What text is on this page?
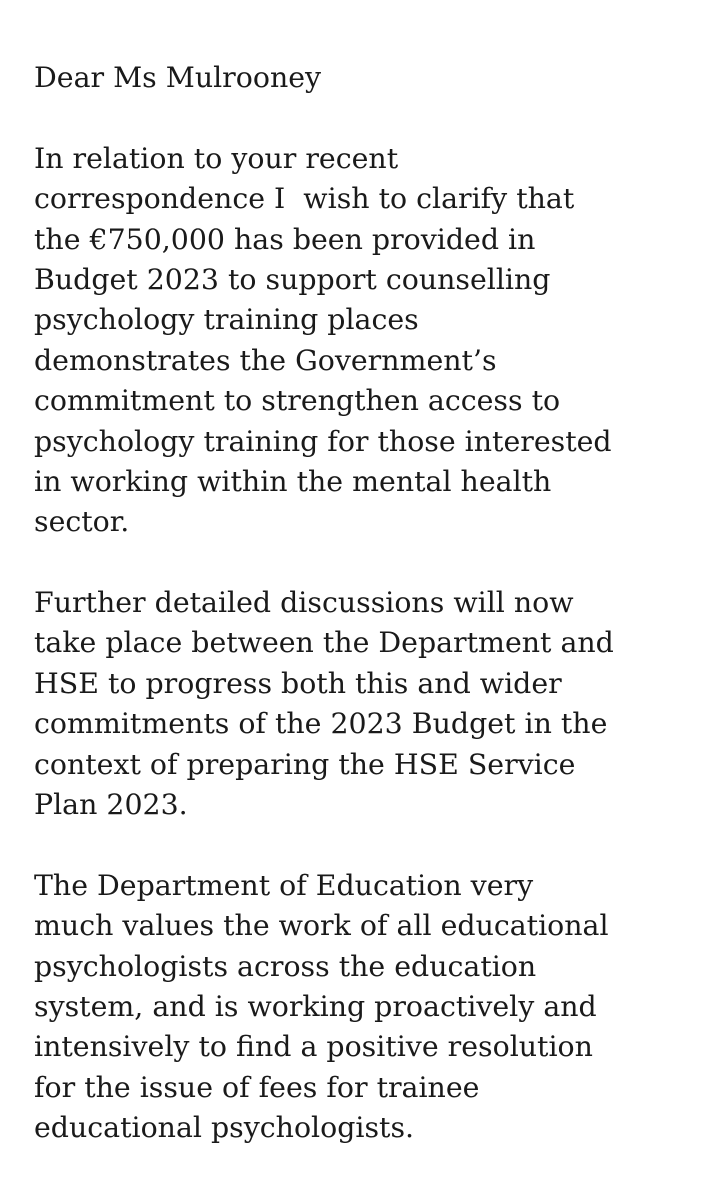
Dear Ms Mulrooney
In relation to your recent
correspondence I  wish to clarify that
the €750,000 has been provided in
Budget 2023 to support counselling
psychology training places
demonstrates the Government’s
commitment to strengthen access to
psychology training for those interested
in working within the mental health
sector.
Further detailed discussions will now
take place between the Department and
HSE to progress both this and wider
commitments of the 2023 Budget in the
context of preparing the HSE Service
Plan 2023.
The Department of Education very
much values the work of all educational
psychologists across the education
system, and is working proactively and
intensively to find a positive resolution
for the issue of fees for trainee
educational psychologists.
